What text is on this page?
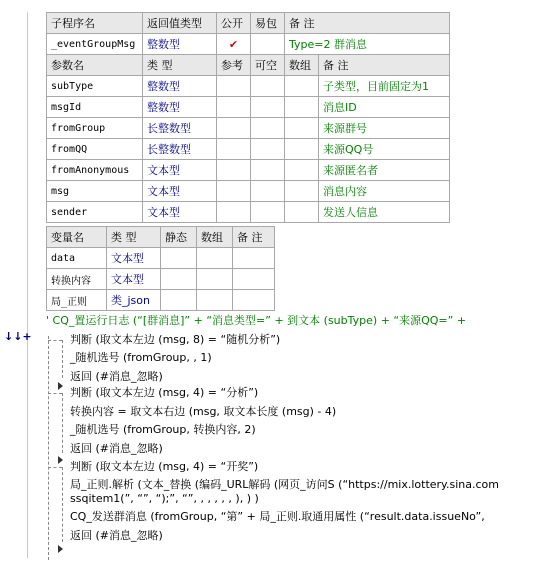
子程序名	返回值类型	公开	易包	备 注
_eventGroupMsg	整数型	✔		Type=2 群消息
参数名	类 型	参考	可空	数组	备 注
subType	整数型				子类型，目前固定为1
msgId	整数型				消息ID
fromGroup	长整数型				来源群号
fromQQ	长整数型				来源QQ号
fromAnonymous	文本型				来源匿名者
msg	文本型				消息内容
sender	文本型				发送人信息
变量名	类 型	静态	数组	备 注
data	文本型			
转换内容	文本型			
局_正则	类_json			
↓↓+
' CQ_置运行日志 (“[群消息]” + “消息类型=” + 到文本 (subType) + “来源QQ=” +
判断 (取文本左边 (msg, 8) = “随机分析”)
_随机选号 (fromGroup, , 1)
返回 (#消息_忽略)
判断 (取文本左边 (msg, 4) = “分析”)
转换内容 = 取文本右边 (msg, 取文本长度 (msg) - 4)
_随机选号 (fromGroup, 转换内容, 2)
返回 (#消息_忽略)
判断 (取文本左边 (msg, 4) = “开奖”)
局_正则.解析 (文本_替换 (编码_URL解码 (网页_访问S (“https://mix.lottery.sina.com
ssqitem1(”, “”, “);”, “”, , , , , , ), ) )
CQ_发送群消息 (fromGroup, “第” + 局_正则.取通用属性 (“result.data.issueNo”,
返回 (#消息_忽略)
